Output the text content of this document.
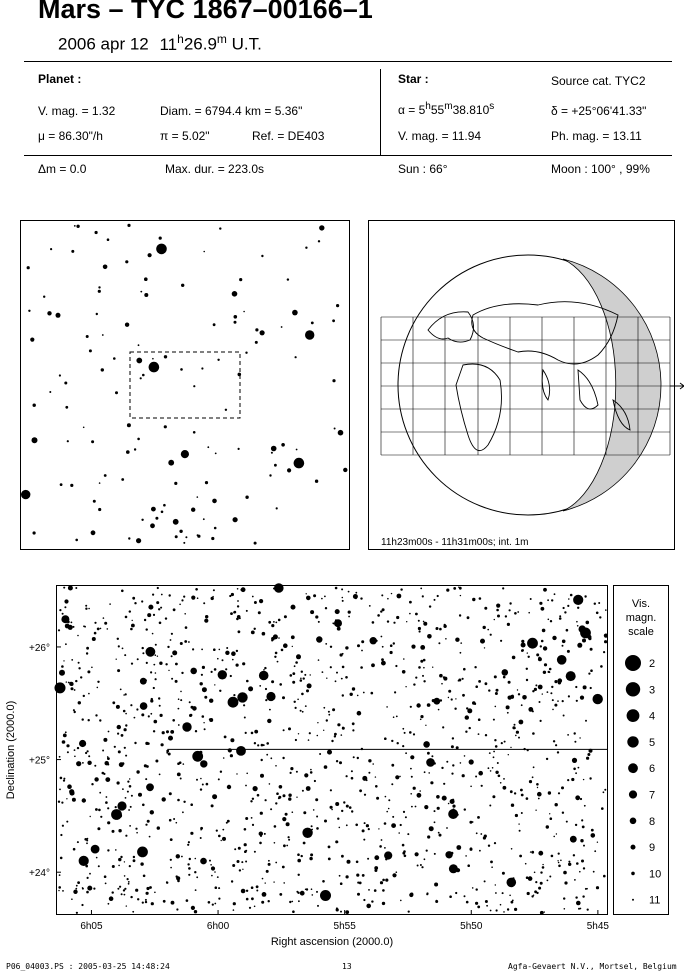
Mars – TYC 1867–00166–1
2006 apr 12 11$^h$26.9$^m$ U.T.
Planet :
V. mag. = 1.32	Diam. = 6794.4 km = 5.36"
μ = 86.30"/h	π = 5.02"	Ref. = DE403
Star :	Source cat. TYC2
$\alpha = 5^h55^m38.810^s$	δ = +25°06'41.33"
V. mag. = 11.94	Ph. mag. = 13.11
Δm = 0.0	Max. dur. = 223.0s	Sun : 66°	Moon : 100° , 99%
11h23m00s - 11h31m00s; int. 1m
6h05	6h00	5h55	5h50	5h45
+26°
+25°
+24°
Right ascension (2000.0)
Declination (2000.0)
Vis.
magn.
scale
2
3
4
5
6
7
8
9
10
11
P06_04003.PS : 2005-03-25 14:48:24	13	Agfa-Gevaert N.V., Mortsel, Belgium
